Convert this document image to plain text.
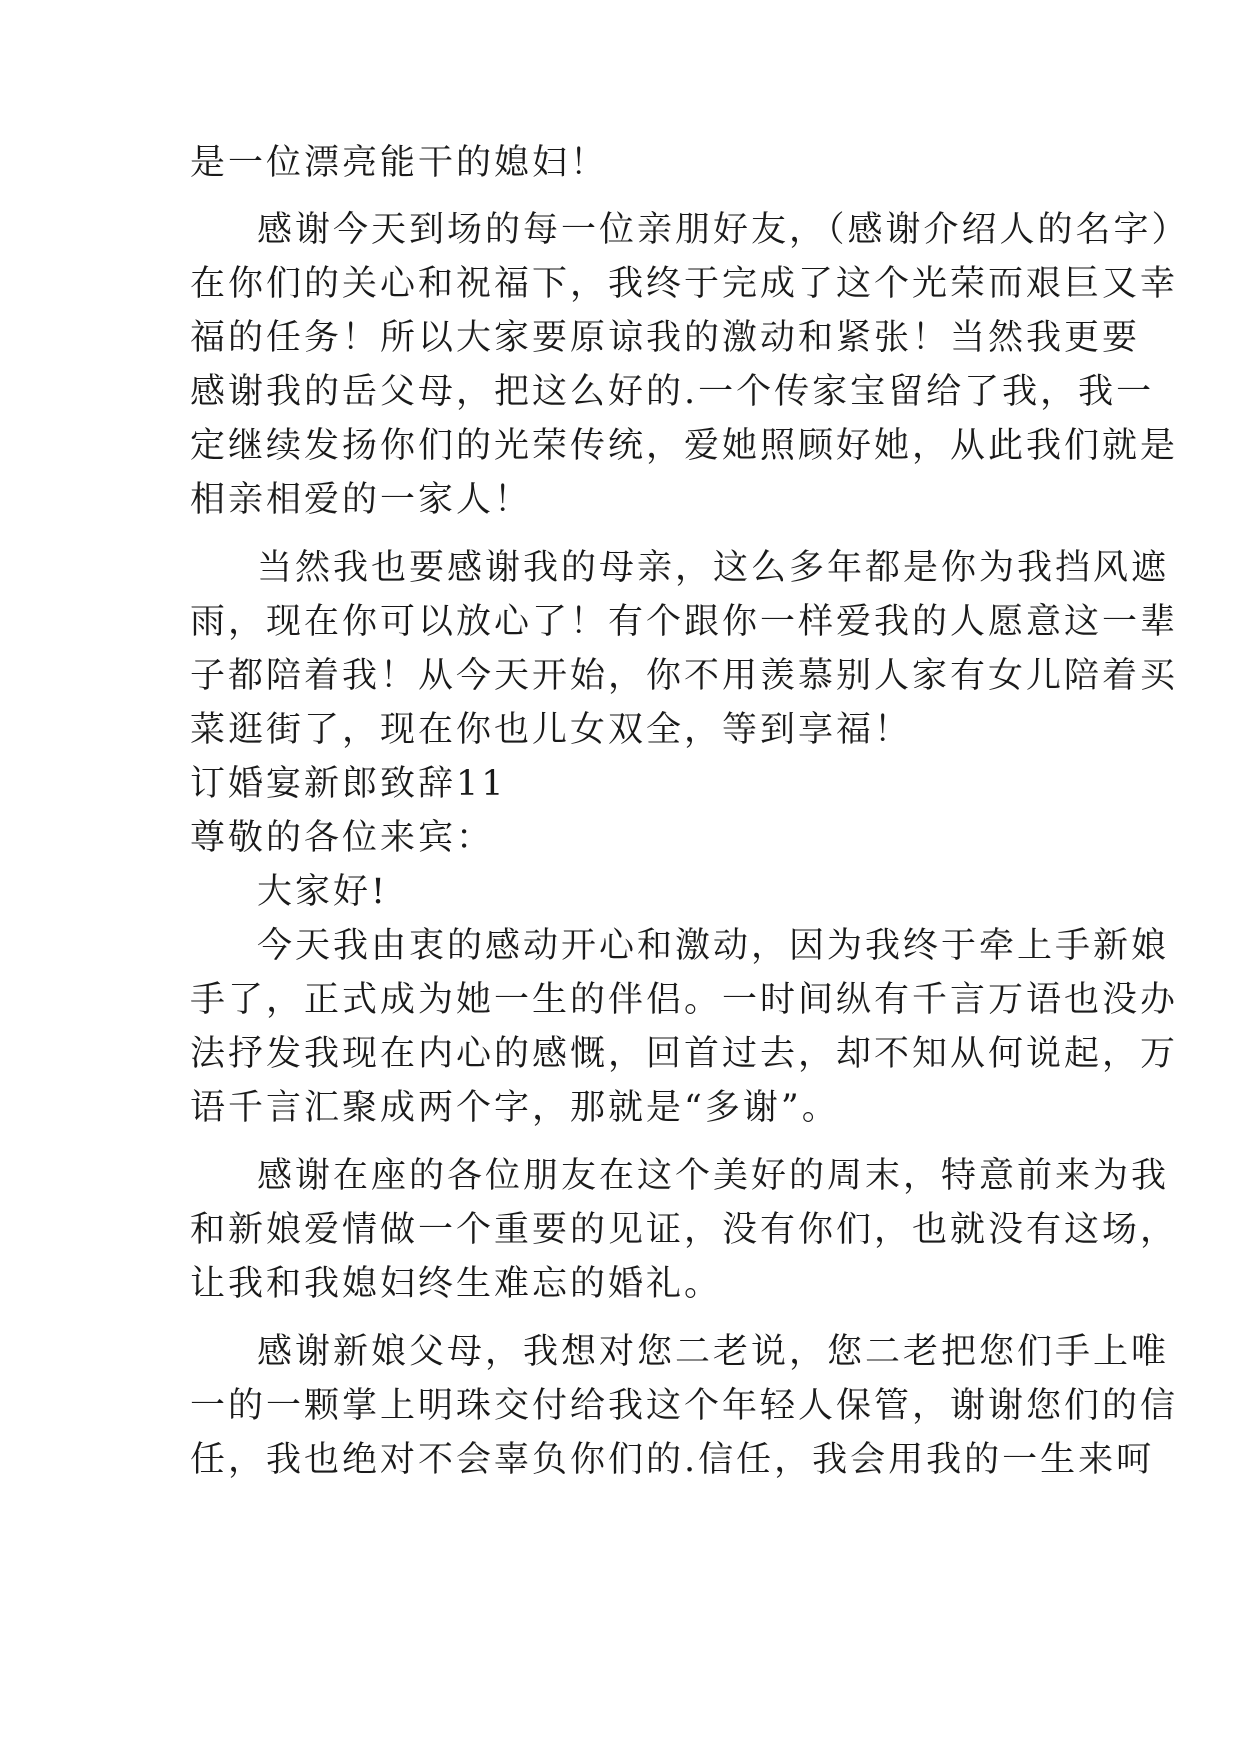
是一位漂亮能干的媳妇！
感谢今天到场的每一位亲朋好友，（感谢介绍人的名字）
在你们的关心和祝福下，我终于完成了这个光荣而艰巨又幸
福的任务！所以大家要原谅我的激动和紧张！当然我更要
感谢我的岳父母，把这么好的.一个传家宝留给了我，我一
定继续发扬你们的光荣传统，爱她照顾好她，从此我们就是
相亲相爱的一家人！
当然我也要感谢我的母亲，这么多年都是你为我挡风遮
雨，现在你可以放心了！有个跟你一样爱我的人愿意这一辈
子都陪着我！从今天开始，你不用羡慕别人家有女儿陪着买
菜逛街了，现在你也儿女双全，等到享福！
订婚宴新郎致辞11
尊敬的各位来宾：
大家好!
今天我由衷的感动开心和激动，因为我终于牵上手新娘
手了，正式成为她一生的伴侣。一时间纵有千言万语也没办
法抒发我现在内心的感慨，回首过去，却不知从何说起，万
语千言汇聚成两个字，那就是“多谢”。
感谢在座的各位朋友在这个美好的周末，特意前来为我
和新娘爱情做一个重要的见证，没有你们，也就没有这场，
让我和我媳妇终生难忘的婚礼。
感谢新娘父母，我想对您二老说，您二老把您们手上唯
一的一颗掌上明珠交付给我这个年轻人保管，谢谢您们的信
任，我也绝对不会辜负你们的.信任，我会用我的一生来呵
